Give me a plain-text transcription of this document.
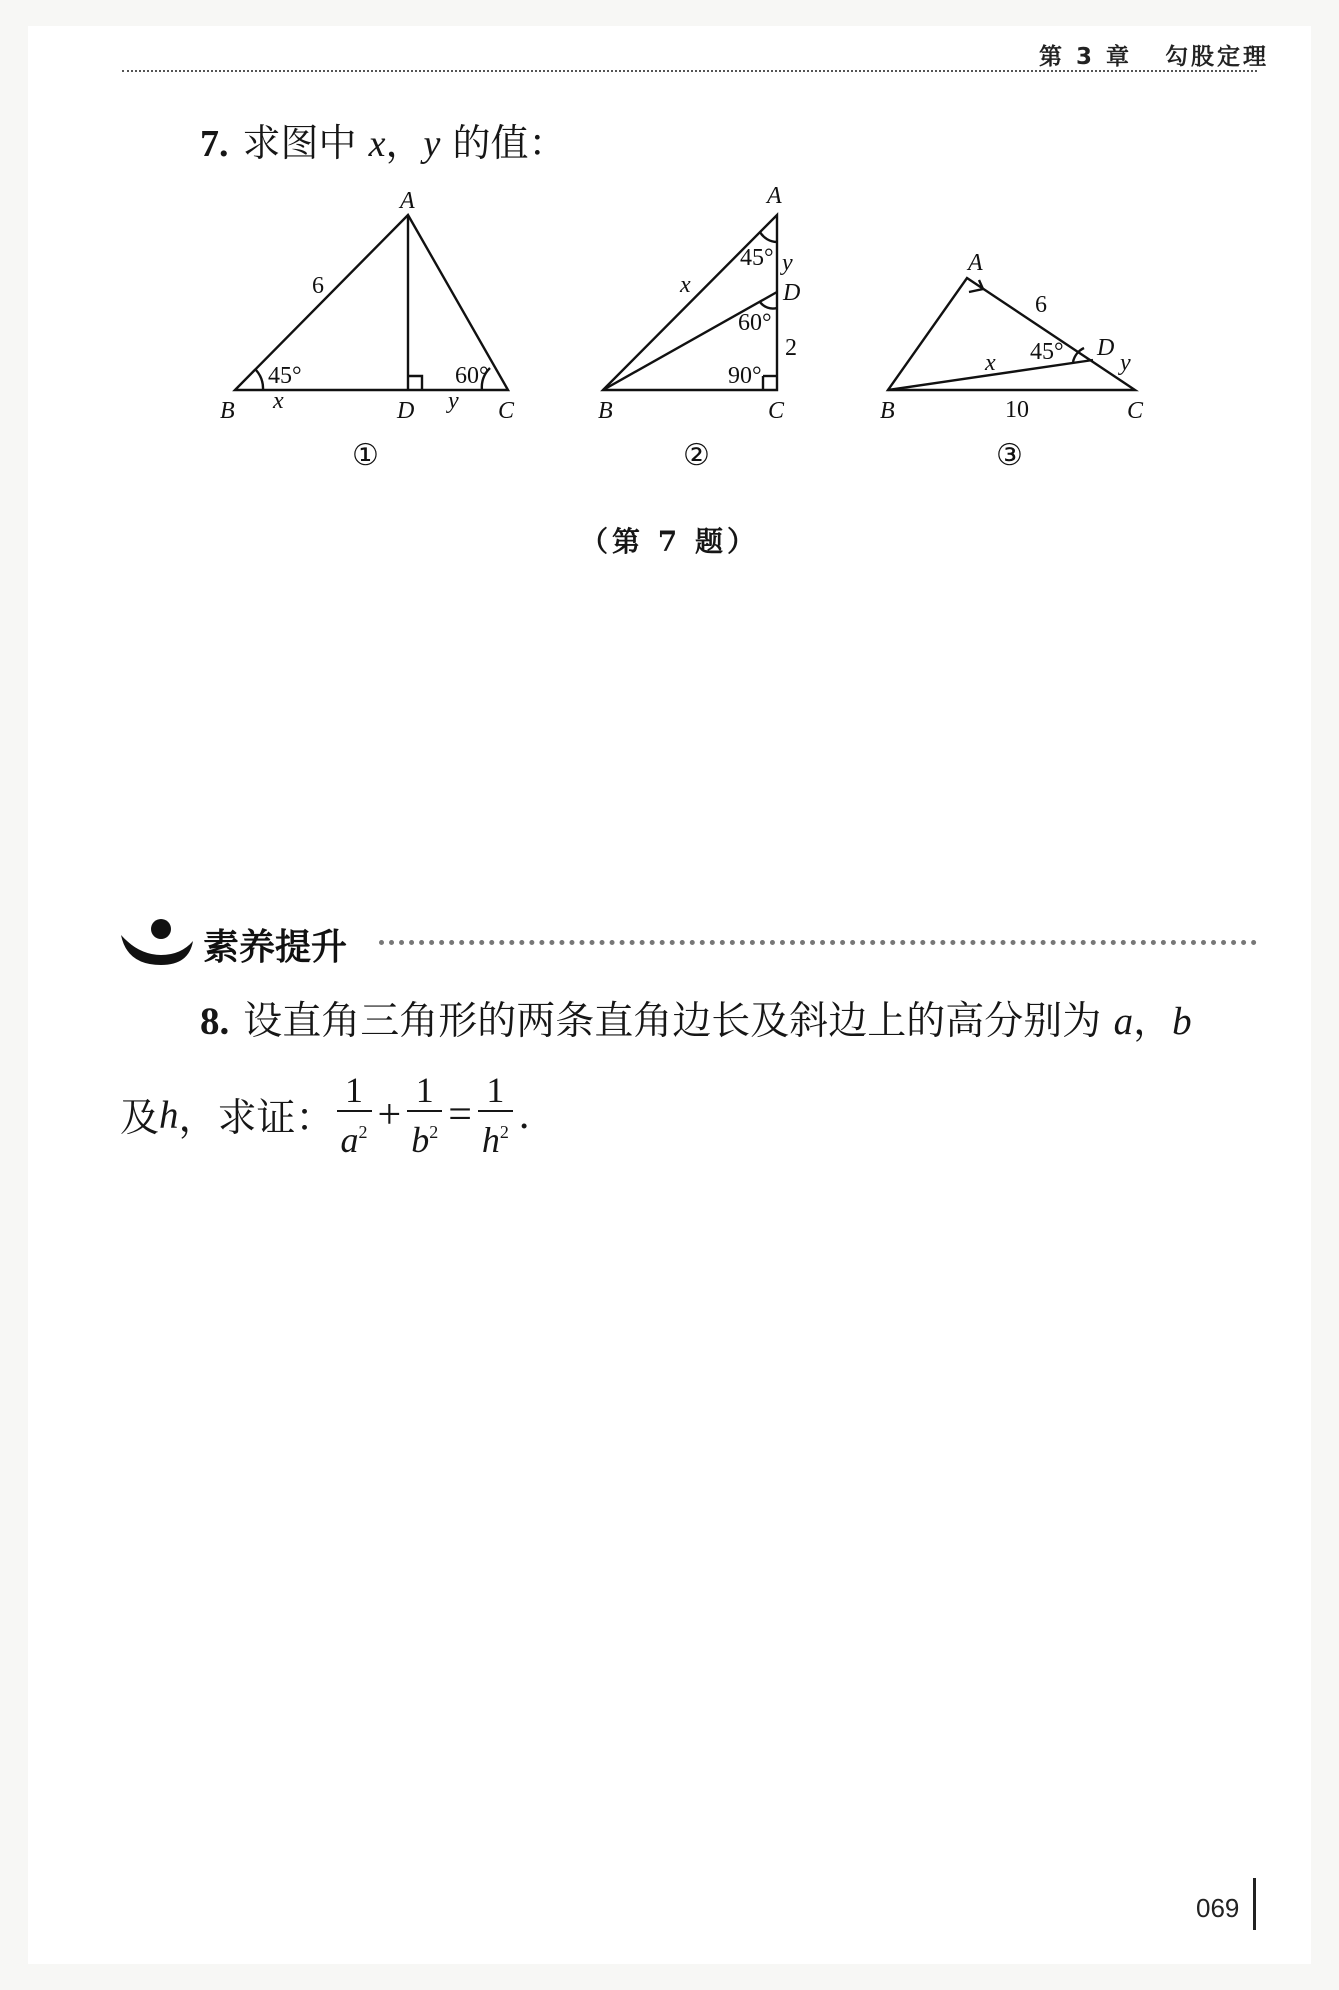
第 3 章 勾股定理
7. 求图中 x，y 的值：
A
B	C
D
6
45°	60°
x	y
①
A
B	C
D
x
y
2
45°
60°
90°
②
A
B	C
D
6
10
x	y
45°
③
（第 7 题）
素养提升
8. 设直角三角形的两条直角边长及斜边上的高分别为 a，b
及 h ，求证： $\frac{1}{a^2} + \frac{1}{b^2} = \frac{1}{h^2}$ .
069
